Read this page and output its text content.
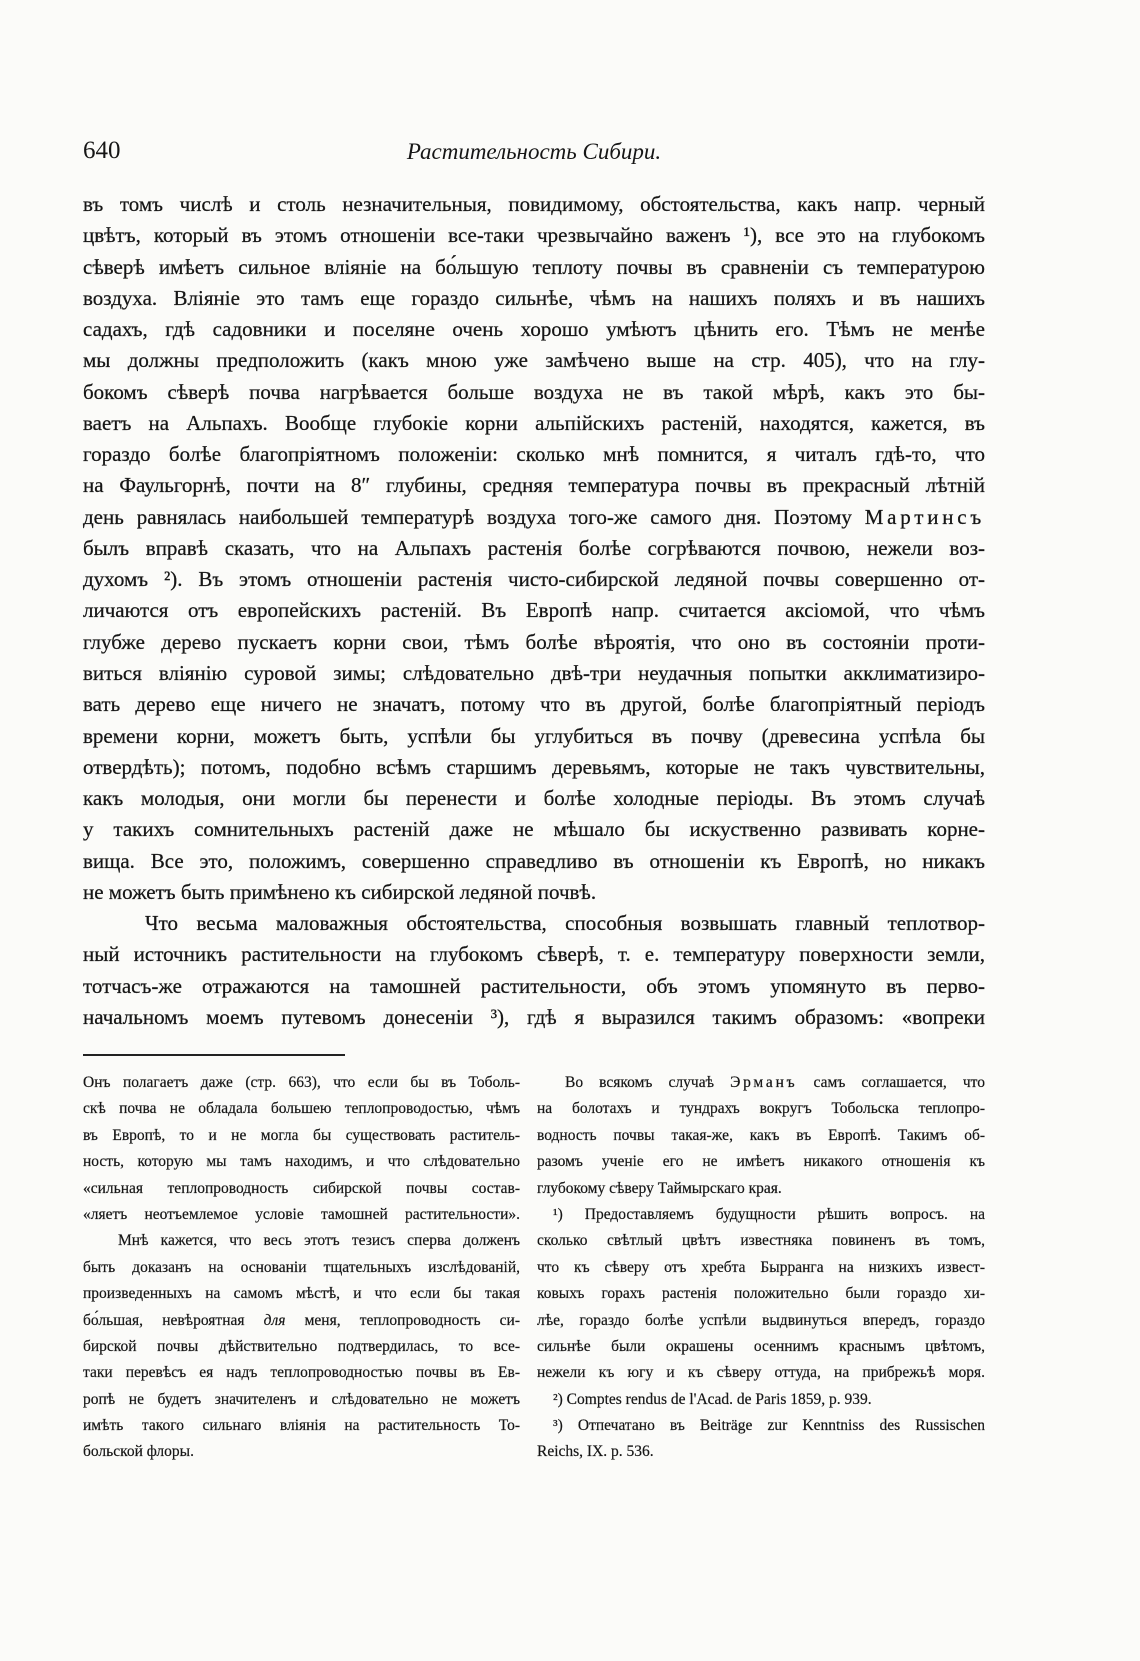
640	Растительность Сибири.
въ томъ числѣ и столь незначительныя, повидимому, обстоятельства, какъ напр. черный
цвѣтъ, который въ этомъ отношеніи все-таки чрезвычайно важенъ ¹), все это на глубокомъ
сѣверѣ имѣетъ сильное вліяніе на бо́льшую теплоту почвы въ сравненіи съ температурою
воздуха. Вліяніе это тамъ еще гораздо сильнѣе, чѣмъ на нашихъ поляхъ и въ нашихъ
садахъ, гдѣ садовники и поселяне очень хорошо умѣютъ цѣнить его. Тѣмъ не менѣе
мы должны предположить (какъ мною уже замѣчено выше на стр. 405), что на глу-
бокомъ сѣверѣ почва нагрѣвается больше воздуха не въ такой мѣрѣ, какъ это бы-
ваетъ на Альпахъ. Вообще глубокіе корни альпійскихъ растеній, находятся, кажется, въ
гораздо болѣе благопріятномъ положеніи: сколько мнѣ помнится, я читалъ гдѣ-то, что
на Фаульгорнѣ, почти на 8″ глубины, средняя температура почвы въ прекрасный лѣтній
день равнялась наибольшей температурѣ воздуха того-же самого дня. Поэтому Мартинсъ
былъ вправѣ сказать, что на Альпахъ растенія болѣе согрѣваются почвою, нежели воз-
духомъ ²). Въ этомъ отношеніи растенія чисто-сибирской ледяной почвы совершенно от-
личаются отъ европейскихъ растеній. Въ Европѣ напр. считается аксіомой, что чѣмъ
глубже дерево пускаетъ корни свои, тѣмъ болѣе вѣроятія, что оно въ состояніи проти-
виться вліянію суровой зимы; слѣдовательно двѣ-три неудачныя попытки акклиматизиро-
вать дерево еще ничего не значатъ, потому что въ другой, болѣе благопріятный періодъ
времени корни, можетъ быть, успѣли бы углубиться въ почву (древесина успѣла бы
отвердѣть); потомъ, подобно всѣмъ старшимъ деревьямъ, которые не такъ чувствительны,
какъ молодыя, они могли бы перенести и болѣе холодные періоды. Въ этомъ случаѣ
у такихъ сомнительныхъ растеній даже не мѣшало бы искуственно развивать корне-
вища. Все это, положимъ, совершенно справедливо въ отношеніи къ Европѣ, но никакъ
не можетъ быть примѣнено къ сибирской ледяной почвѣ.
Что весьма маловажныя обстоятельства, способныя возвышать главный теплотвор-
ный источникъ растительности на глубокомъ сѣверѣ, т. е. температуру поверхности земли,
тотчасъ-же отражаются на тамошней растительности, объ этомъ упомянуто въ перво-
начальномъ моемъ путевомъ донесеніи ³), гдѣ я выразился такимъ образомъ: «вопреки
Онъ полагаетъ даже (стр. 663), что если бы въ Тоболь-
скѣ почва не обладала большею теплопроводостью, чѣмъ
въ Европѣ, то и не могла бы существовать раститель-
ность, которую мы тамъ находимъ, и что слѣдовательно
«сильная теплопроводность сибирской почвы состав-
«ляетъ неотъемлемое условіе тамошней растительности».
Мнѣ кажется, что весь этотъ тезисъ сперва долженъ
быть доказанъ на основаніи тщательныхъ изслѣдованій,
произведенныхъ на самомъ мѣстѣ, и что если бы такая
бо́льшая, невѣроятная для меня, теплопроводность си-
бирской почвы дѣйствительно подтвердилась, то все-
таки перевѣсъ ея надъ теплопроводностью почвы въ Ев-
ропѣ не будетъ значителенъ и слѣдовательно не можетъ
имѣть такого сильнаго вліянія на растительность То-
больской флоры.
Во всякомъ случаѣ Эрманъ самъ соглашается, что
на болотахъ и тундрахъ вокругъ Тобольска теплопро-
водность почвы такая-же, какъ въ Европѣ. Такимъ об-
разомъ ученіе его не имѣетъ никакого отношенія къ
глубокому сѣверу Таймырскаго края.
¹) Предоставляемъ будущности рѣшить вопросъ. на
сколько свѣтлый цвѣтъ известняка повиненъ въ томъ,
что къ сѣверу отъ хребта Бырранга на низкихъ извест-
ковыхъ горахъ растенія положительно были гораздо хи-
лѣе, гораздо болѣе успѣли выдвинуться впередъ, гораздо
сильнѣе были окрашены осеннимъ краснымъ цвѣтомъ,
нежели къ югу и къ сѣверу оттуда, на прибрежьѣ моря.
²) Comptes rendus de l'Acad. de Paris 1859, p. 939.
³) Отпечатано въ Beiträge zur Kenntniss des Russischen
Reichs, IX. p. 536.
